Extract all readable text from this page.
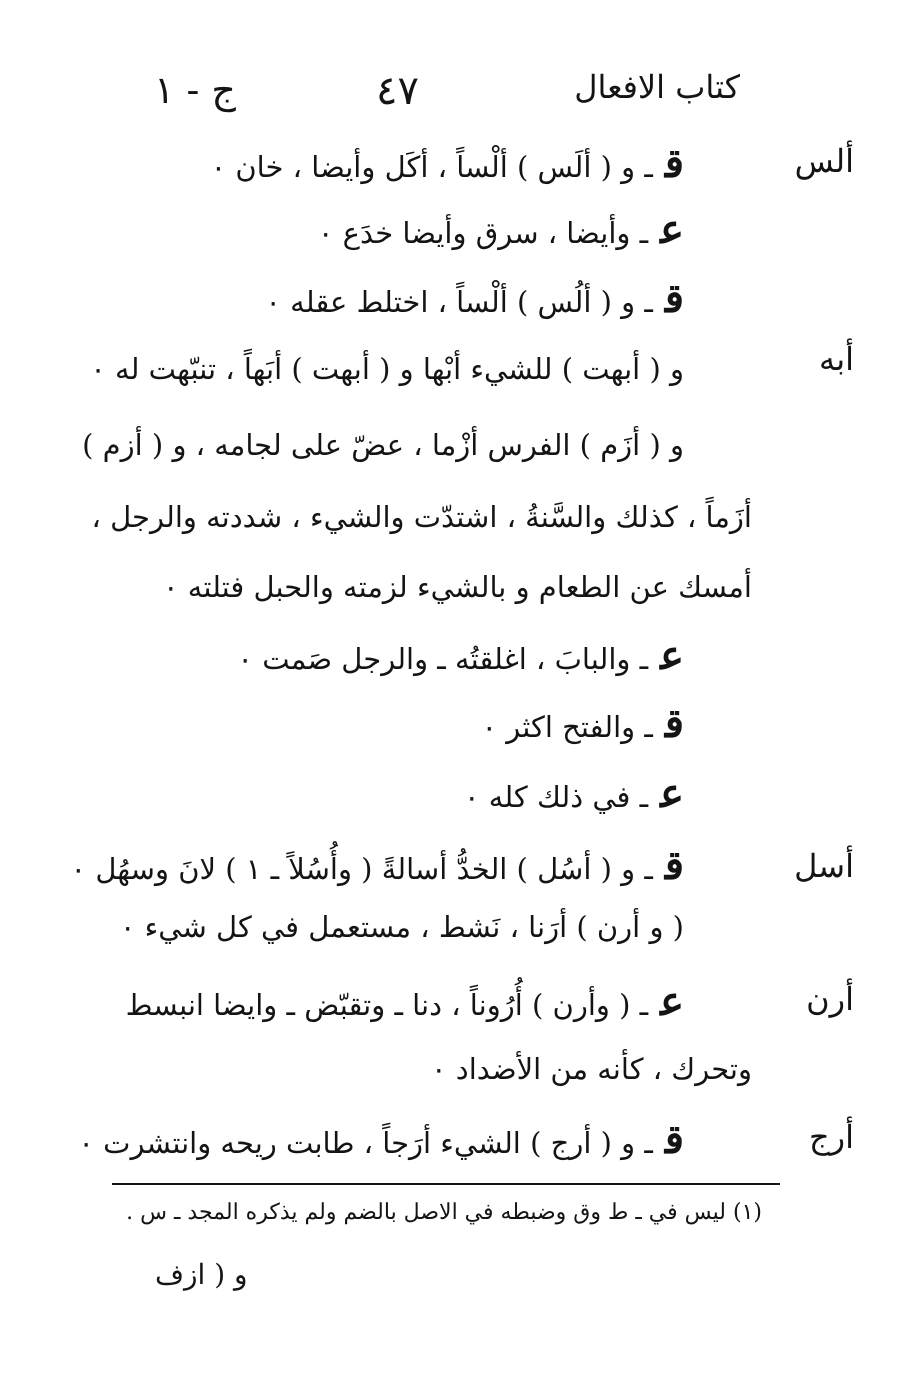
ج - ١	٤٧	كتاب الافعال
ألس
أبه
أسل
أرن
أرج
قـ و ( ألَس ) ألْساً ، أكَل وأيضا ، خان ٠
عـ وأيضا ، سرق وأيضا خدَع ٠
قـ و ( ألُس ) ألْساً ، اختلط عقله ٠
و ( أبهت ) للشيء أبْها و ( أبهت ) أبَهاً ، تنبّهت له ٠
و ( أزَم ) الفرس أزْما ، عضّ على لجامه ، و ( أزم )
أزَماً ، كذلك والسَّنةُ ، اشتدّت والشيء ، شددته والرجل ،
أمسك عن الطعام و بالشيء لزمته والحبل فتلته ٠
عـ والبابَ ، اغلقتُه ـ والرجل صَمت ٠
قـ والفتح اكثر ٠
عـ في ذلك كله ٠
قـ و ( أسُل ) الخدُّ أسالةً ( وأُسُلاً ـ ١ ) لانَ وسهُل ٠
( و أرن ) أرَنا ، نَشط ، مستعمل في كل شيء ٠
عـ ( وأرن ) أُرُوناً ، دنا ـ وتقبّض ـ وايضا انبسط
وتحرك ، كأنه من الأضداد ٠
قـ و ( أرج ) الشيء أرَجاً ، طابت ريحه وانتشرت ٠
(١) ليس في ـ ط وق وضبطه في الاصل بالضم ولم يذكره المجد ـ س .
و ( ازف
